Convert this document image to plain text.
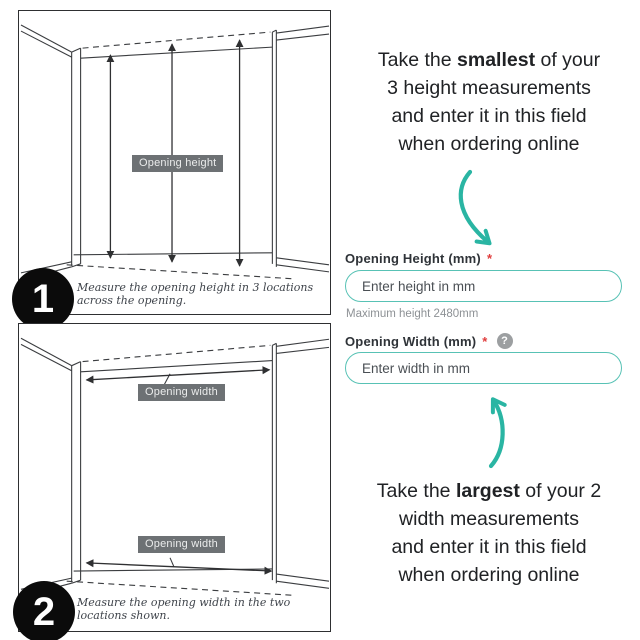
Opening height
Measure the opening height in 3 locations across the opening.
1
Opening width
Opening width
Measure the opening width in the two locations shown.
2
Take the smallest of your
3 height measurements
and enter it in this field
when ordering online
Opening Height (mm) *
Enter height in mm
Maximum height 2480mm
Opening Width (mm) *	?
Enter width in mm
Take the largest of your 2
width measurements
and enter it in this field
when ordering online
